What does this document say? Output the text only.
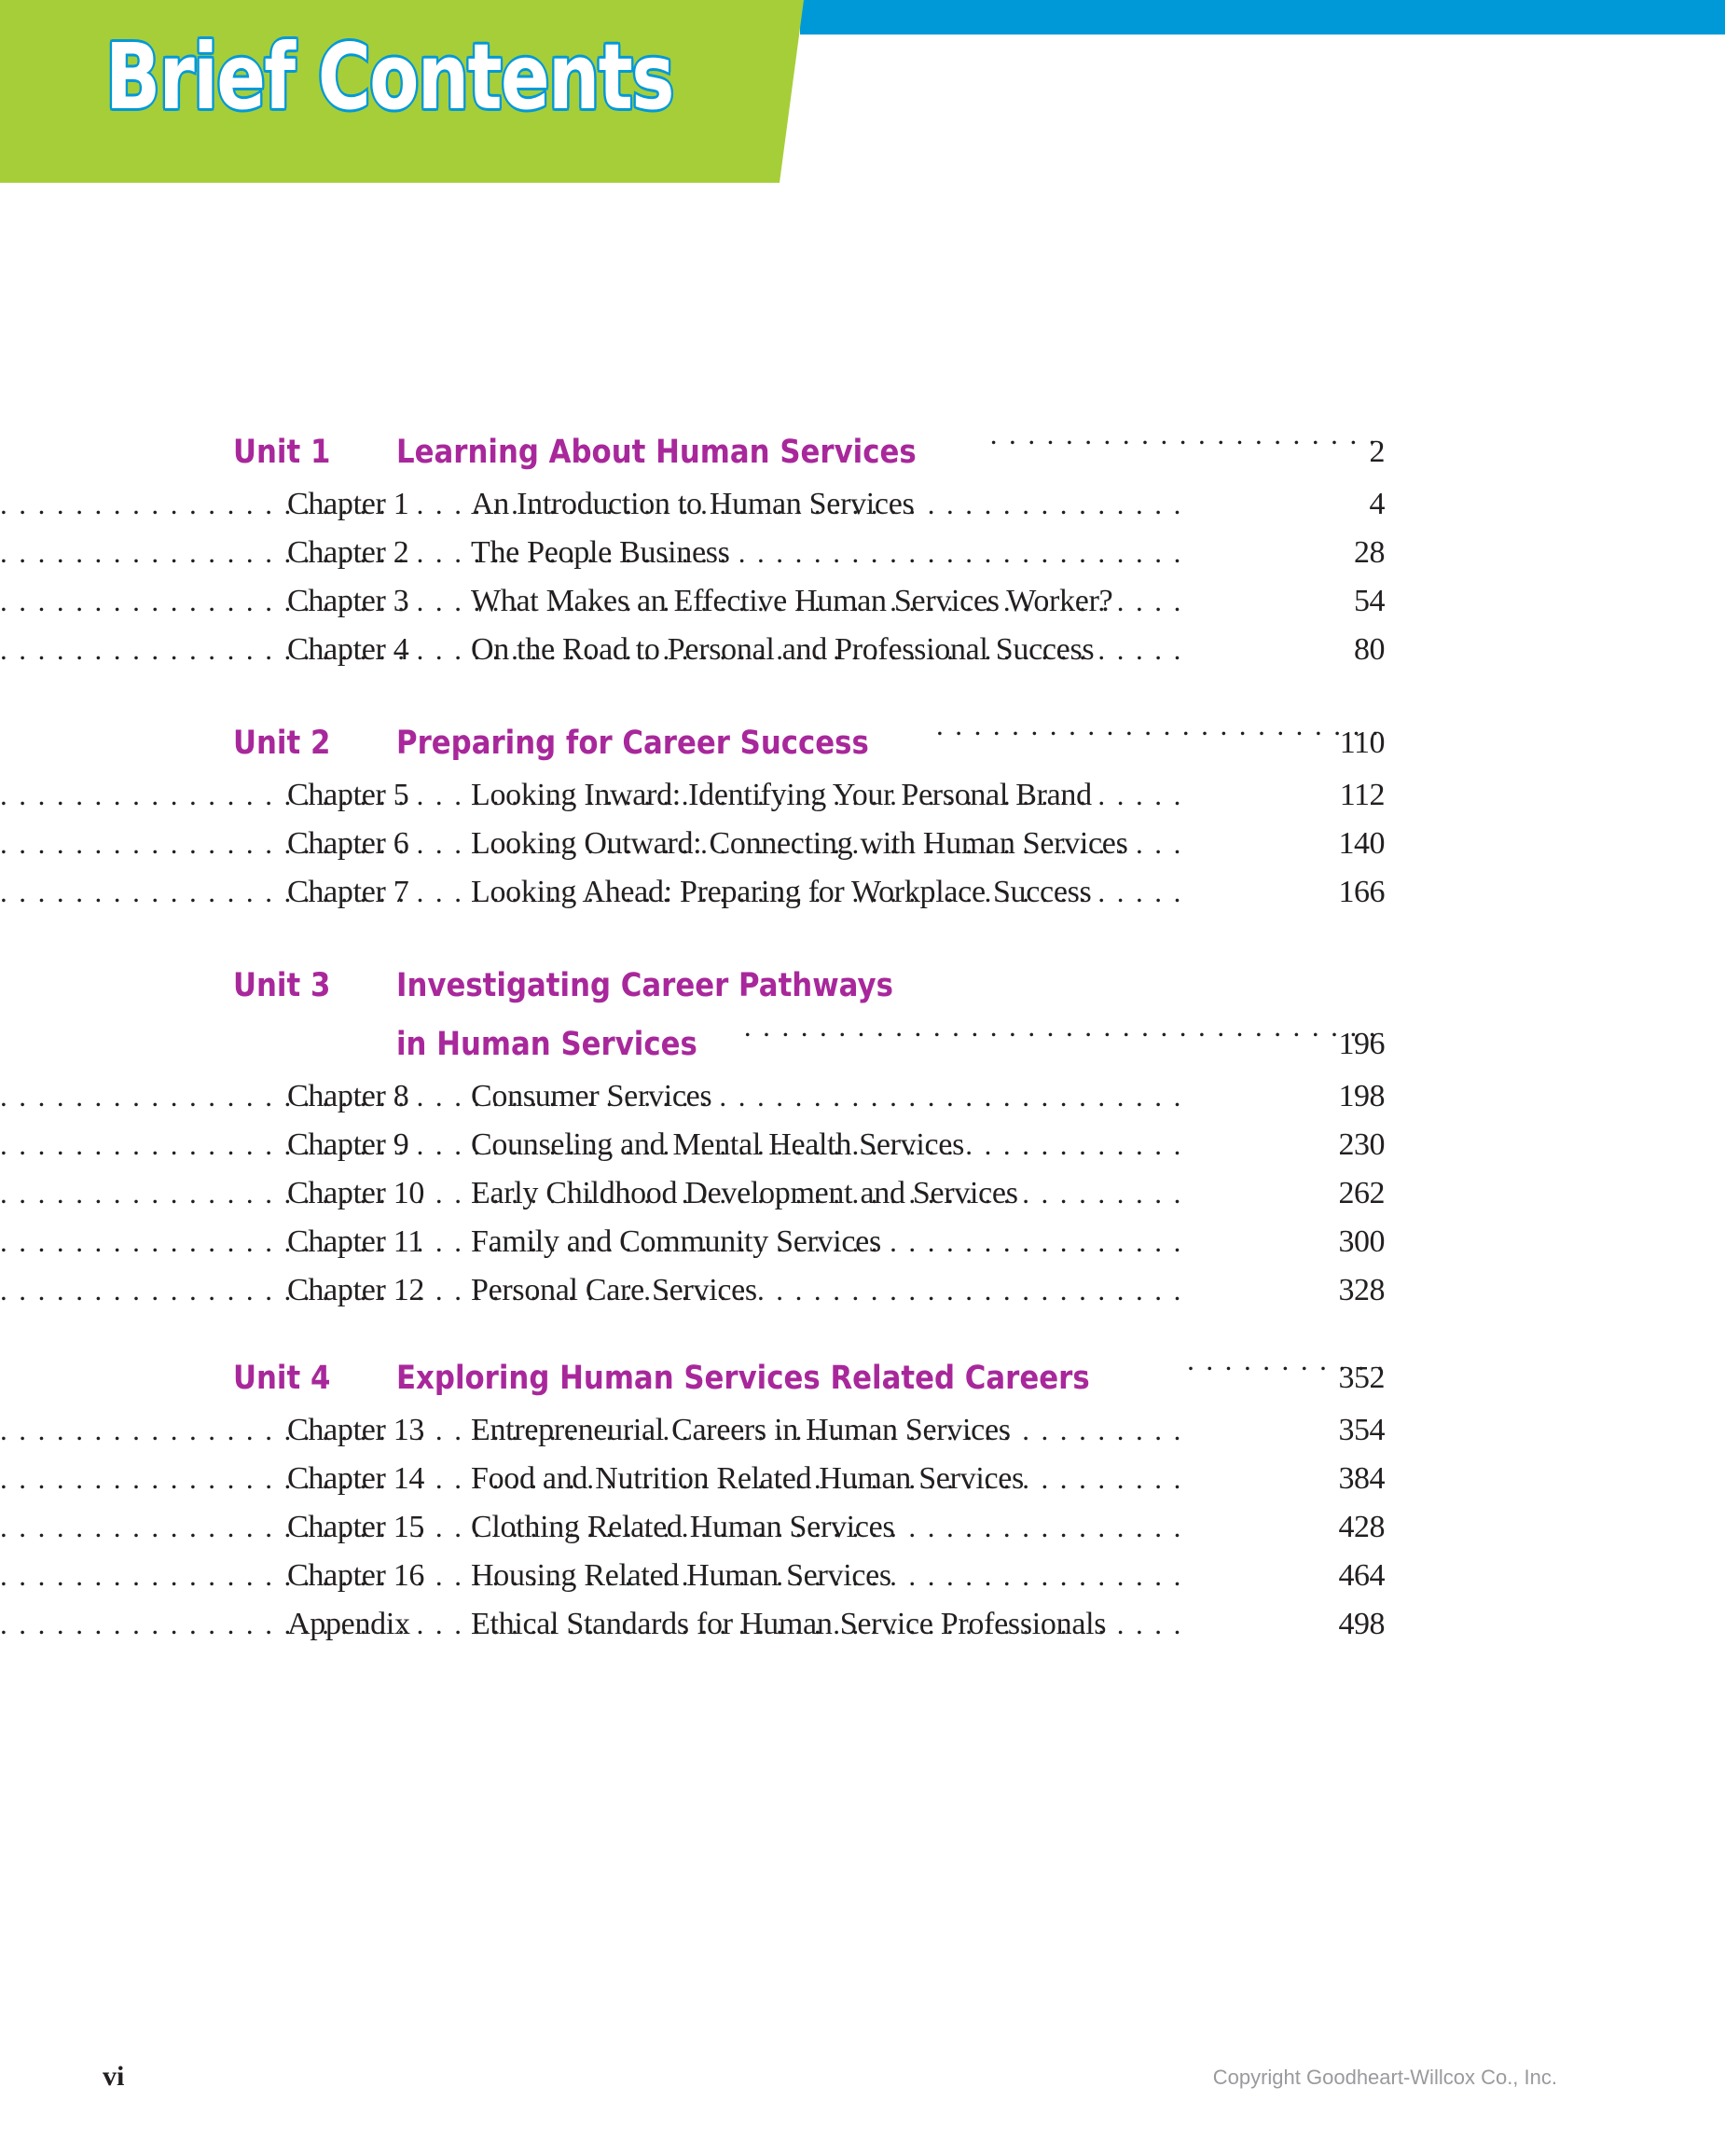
Brief Contents
Unit 1	Learning About Human Services . . .	2
Chapter 1	An Introduction to Human Services	4
Chapter 2	The People Business	28
Chapter 3	What Makes an Effective Human Services Worker?	54
Chapter 4	On the Road to Personal and Professional Success	80
Unit 2	Preparing for Career Success . . .	110
Chapter 5	Looking Inward: Identifying Your Personal Brand	112
Chapter 6	Looking Outward: Connecting with Human Services	140
Chapter 7	Looking Ahead: Preparing for Workplace Success	166
Unit 3	Investigating Career Pathways
in Human Services . . .	196
Chapter 8	Consumer Services	198
Chapter 9	Counseling and Mental Health Services	230
Chapter 10	Early Childhood Development and Services	262
Chapter 11	Family and Community Services	300
Chapter 12	Personal Care Services	328
Unit 4	Exploring Human Services Related Careers . . .	352
Chapter 13	Entrepreneurial Careers in Human Services	354
Chapter 14	Food and Nutrition Related Human Services	384
Chapter 15	Clothing Related Human Services	428
Chapter 16	Housing Related Human Services	464
Appendix	Ethical Standards for Human Service Professionals	498
vi	Copyright Goodheart-Willcox Co., Inc.
